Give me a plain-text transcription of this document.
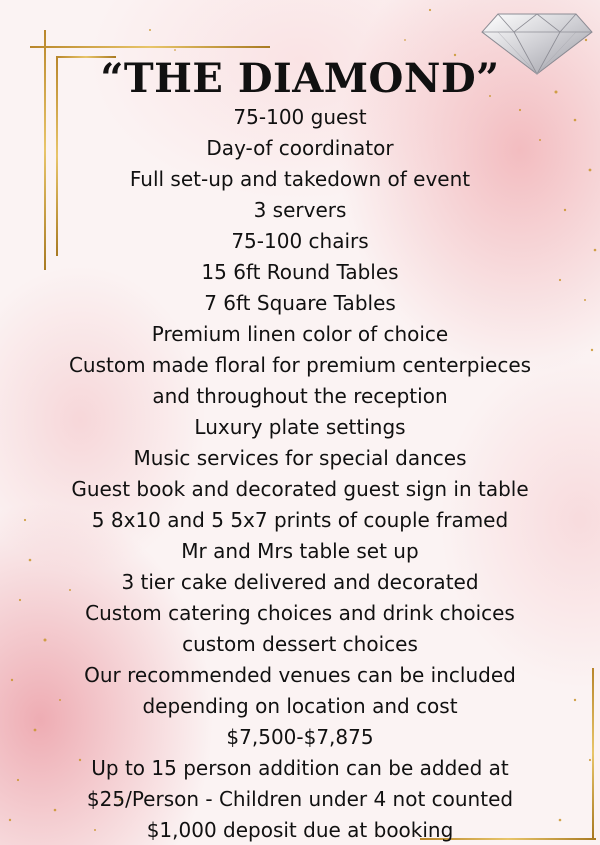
“THE DIAMOND”

75-100 guest

Day-of coordinator

Full set-up and takedown of event

3 servers

75-100 chairs

15 6ft Round Tables

7 6ft Square Tables

Premium linen color of choice

Custom made floral for premium centerpieces

and throughout the reception

Luxury plate settings

Music services for special dances

Guest book and decorated guest sign in table

5 8x10 and 5 5x7 prints of couple framed

Mr and Mrs table set up

3 tier cake delivered and decorated

Custom catering choices and drink choices

custom dessert choices

Our recommended venues can be included

depending on location and cost

$7,500-$7,875

Up to 15 person addition can be added at

$25/Person - Children under 4 not counted

$1,000 deposit due at booking
